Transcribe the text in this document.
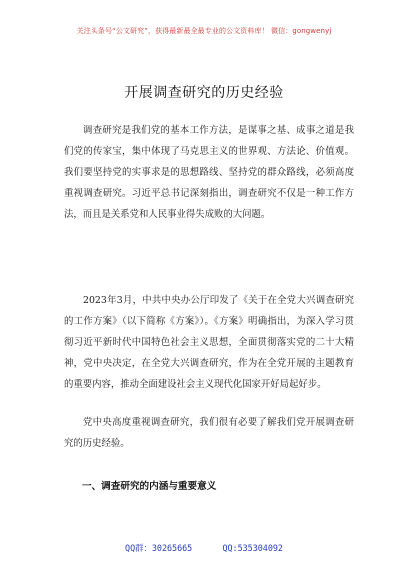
关注头条号“公文研究”，获得最新最全最专业的公文资料库！ 微信：gongwenyj
开展调查研究的历史经验

调查研究是我们党的基本工作方法，是谋事之基、成事之道是我们党的传家宝，集中体现了马克思主义的世界观、方法论、价值观。我们要坚持党的实事求是的思想路线、坚持党的群众路线，必须高度重视调查研究。习近平总书记深刻指出，调查研究不仅是一种工作方法，而且是关系党和人民事业得失成败的大问题。

2023年3月，中共中央办公厅印发了《关于在全党大兴调查研究的工作方案》（以下简称《方案》）。《方案》明确指出，为深入学习贯彻习近平新时代中国特色社会主义思想，全面贯彻落实党的二十大精神，党中央决定，在全党大兴调查研究，作为在全党开展的主题教育的重要内容，推动全面建设社会主义现代化国家开好局起好步。

党中央高度重视调查研究，我们很有必要了解我们党开展调查研究的历史经验。

一、调查研究的内涵与重要意义
QQ群：30265665      QQ:535304092
